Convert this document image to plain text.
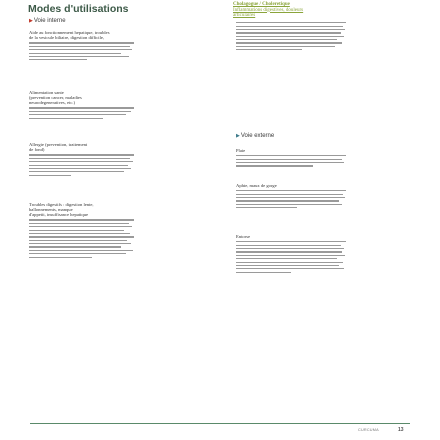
Modes d'utilisations
▶Voie interne
Cholagogue / Choleretique
Inflammations digestives, douleurs
articulaires
Aide au fonctionnement hepatique, troubles
de la vesicule biliaire, digestion difficile,
Alimentation sante
(prevention cancer, maladies
neurodegeneratives, etc.)
Allergie (prevention, traitement
de fond)
Troubles digestifs : digestion lente,
ballonnements, manque
d'appetit, insuffisance hepatique
▶Voie externe
Plaie
Aphte, maux de gorge
Entorse
CURCUMA	13
